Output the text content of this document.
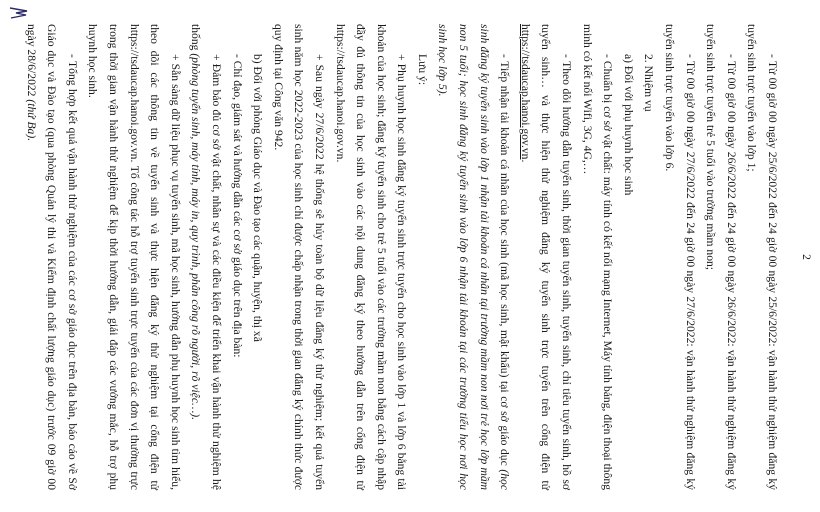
2

- Từ 00 giờ 00 ngày 25/6/2022 đến 24 giờ 00 ngày 25/6/2022: vận hành thử nghiệm đăng ký tuyển sinh trực tuyến vào lớp 1;

- Từ 00 giờ 00 ngày 26/6/2022 đến 24 giờ 00 ngày 26/6/2022: vận hành thử nghiệm đăng ký tuyển sinh trực tuyến trẻ 5 tuổi vào trường mầm non;

- Từ 00 giờ 00 ngày 27/6/2022 đến 24 giờ 00 ngày 27/6/2022: vận hành thử nghiệm đăng ký tuyển sinh trực tuyến vào lớp 6.

2. Nhiệm vụ

a) Đối với phụ huynh học sinh

- Chuẩn bị cơ sở vật chất: máy tính có kết nối mạng Internet, Máy tính bảng, điện thoại thông minh có kết nối Wifi, 3G, 4G,…

- Theo dõi hướng dẫn tuyển sinh, thời gian tuyển sinh, tuyển sinh, chỉ tiêu tuyển sinh, hồ sơ tuyển sinh… và thực hiện thử nghiệm đăng ký tuyển sinh trực tuyến trên cổng điện tử https://tsdaucap.hanoi.gov.vn.

- Tiếp nhận tài khoản cá nhân của học sinh (mã học sinh, mật khẩu) tại cơ sở giáo dục (học sinh đăng ký tuyển sinh vào lớp 1 nhận tài khoản cá nhân tại trường mầm non nơi trẻ học lớp mầm non 5 tuổi; học sinh đăng ký tuyển sinh vào lớp 6 nhận tài khoản tại các trường tiểu học nơi học sinh học lớp 5).

Lưu ý:

+ Phụ huynh học sinh đăng ký tuyển sinh trực tuyến cho học sinh vào lớp 1 và lớp 6 bằng tài khoản của học sinh; đăng ký tuyển sinh cho trẻ 5 tuổi vào các trường mầm non bằng cách cập nhập đầy đủ thông tin của học sinh vào các nội dung đăng ký theo hướng dẫn trên cổng điện tử https://tsdaucap.hanoi.gov.vn.

+ Sau ngày 27/6/2022 hệ thống sẽ hủy toàn bộ dữ liệu đăng ký thử nghiệm; kết quả tuyển sinh năm học 2022-2023 của học sinh chỉ được chấp nhận trong thời gian đăng ký chính thức được quy định tại Công văn 942.

b) Đối với phòng Giáo dục và Đào tạo các quận, huyện, thị xã

- Chỉ đạo, giám sát và hướng dẫn các cơ sở giáo dục trên địa bàn:

+ Đảm bảo đủ cơ sở vật chất, nhân sự và các điều kiện để triển khai vận hành thử nghiệm hệ thống (phòng tuyển sinh, máy tính, máy in, quy trình, phân công rõ người, rõ việc…).

+ Sẵn sàng dữ liệu phục vụ tuyển sinh, mã học sinh, hướng dẫn phụ huynh học sinh tìm hiểu, theo dõi các thông tin về tuyển sinh và thực hiện đăng ký thử nghiệm tại cổng điện tử https://tsdaucap.hanoi.gov.vn. Tổ công tác hỗ trợ tuyển sinh trực tuyến của các đơn vị thường trực trong thời gian vận hành thử nghiệm để kịp thời hướng dẫn, giải đáp các vướng mắc, hỗ trợ phụ huynh học sinh.

- Tổng hợp kết quả vận hành thử nghiệm của các cơ sở giáo dục trên địa bàn, báo cáo về Sở Giáo dục và Đào tạo (qua phòng Quản lý thi và Kiểm định chất lượng giáo dục) trước 09 giờ 00 ngày 28/6/2022 (thứ Ba).
